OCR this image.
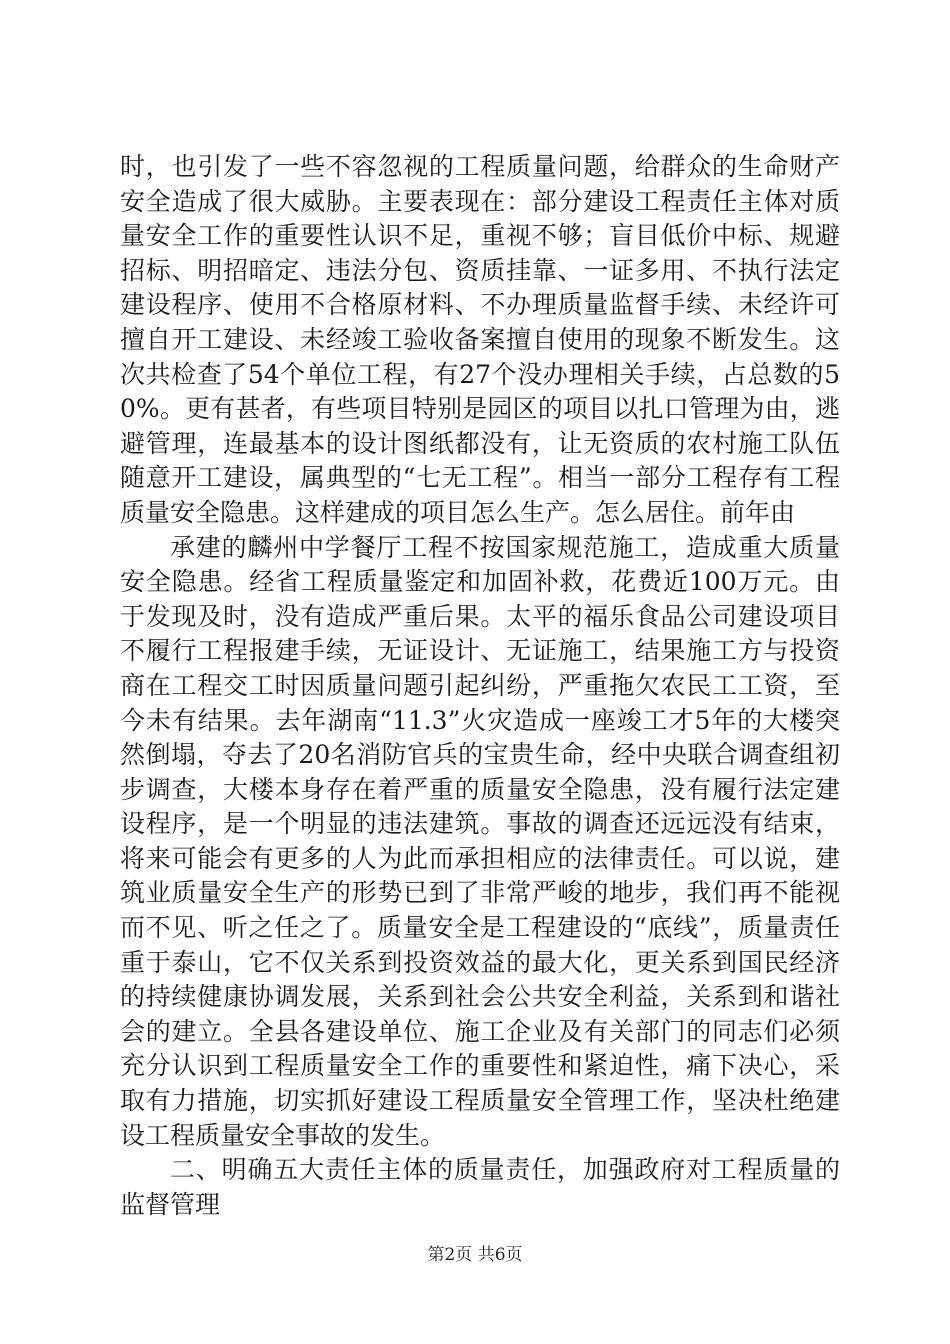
时，也引发了一些不容忽视的工程质量问题，给群众的生命财产安全造成了很大威胁。主要表现在：部分建设工程责任主体对质量安全工作的重要性认识不足，重视不够；盲目低价中标、规避招标、明招暗定、违法分包、资质挂靠、一证多用、不执行法定建设程序、使用不合格原材料、不办理质量监督手续、未经许可擅自开工建设、未经竣工验收备案擅自使用的现象不断发生。这次共检查了54个单位工程，有27个没办理相关手续，占总数的50%。更有甚者，有些项目特别是园区的项目以扎口管理为由，逃避管理，连最基本的设计图纸都没有，让无资质的农村施工队伍随意开工建设，属典型的“七无工程”。相当一部分工程存有工程质量安全隐患。这样建成的项目怎么生产。怎么居住。前年由

承建的麟州中学餐厅工程不按国家规范施工，造成重大质量安全隐患。经省工程质量鉴定和加固补救，花费近100万元。由于发现及时，没有造成严重后果。太平的福乐食品公司建设项目不履行工程报建手续，无证设计、无证施工，结果施工方与投资商在工程交工时因质量问题引起纠纷，严重拖欠农民工工资，至今未有结果。去年湖南“11.3”火灾造成一座竣工才5年的大楼突然倒塌，夺去了20名消防官兵的宝贵生命，经中央联合调查组初步调查，大楼本身存在着严重的质量安全隐患，没有履行法定建设程序，是一个明显的违法建筑。事故的调查还远远没有结束，将来可能会有更多的人为此而承担相应的法律责任。可以说，建筑业质量安全生产的形势已到了非常严峻的地步，我们再不能视而不见、听之任之了。质量安全是工程建设的“底线”，质量责任重于泰山，它不仅关系到投资效益的最大化，更关系到国民经济的持续健康协调发展，关系到社会公共安全利益，关系到和谐社会的建立。全县各建设单位、施工企业及有关部门的同志们必须充分认识到工程质量安全工作的重要性和紧迫性，痛下决心，采取有力措施，切实抓好建设工程质量安全管理工作，坚决杜绝建设工程质量安全事故的发生。

二、明确五大责任主体的质量责任，加强政府对工程质量的监督管理

第2页 共6页
